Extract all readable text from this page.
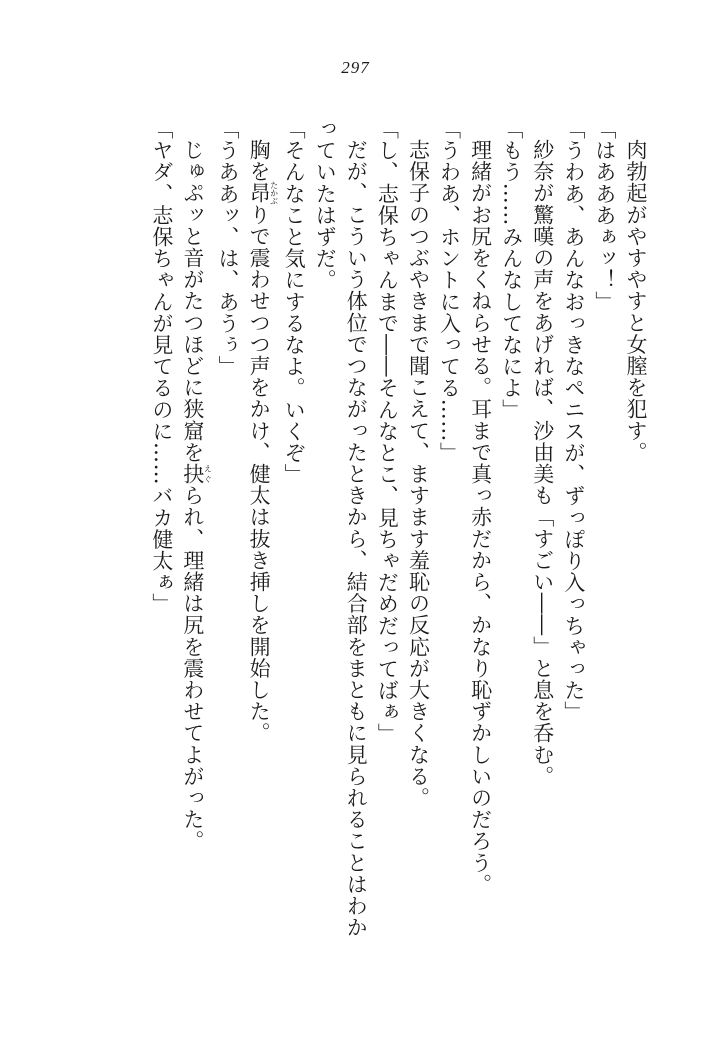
297
肉勃起がやすやすと女膣を犯す。
「はあああぁッ！」
「うわあ、あんなおっきなペニスが、ずっぽり入っちゃった」
紗奈が驚嘆の声をあげれば、沙由美も「すごい――」と息を呑む。
「もう……みんなしてなによ」
理緒がお尻をくねらせる。耳まで真っ赤だから、かなり恥ずかしいのだろう。
「うわあ、ホントに入ってる……」
志保子のつぶやきまで聞こえて、ますます羞恥の反応が大きくなる。
「し、志保ちゃんまで――そんなとこ、見ちゃだめだってばぁ」
だが、こういう体位でつながったときから、結合部をまともに見られることはわか
っていたはずだ。
「そんなこと気にするなよ。いくぞ」
胸を昂たかぶりで震わせつつ声をかけ、健太は抜き挿しを開始した。
「うああッ、は、あうぅ」
じゅぷッと音がたつほどに狭窟を抉えぐられ、理緒は尻を震わせてよがった。
「ヤダ、志保ちゃんが見てるのに……バカ健太ぁ」
